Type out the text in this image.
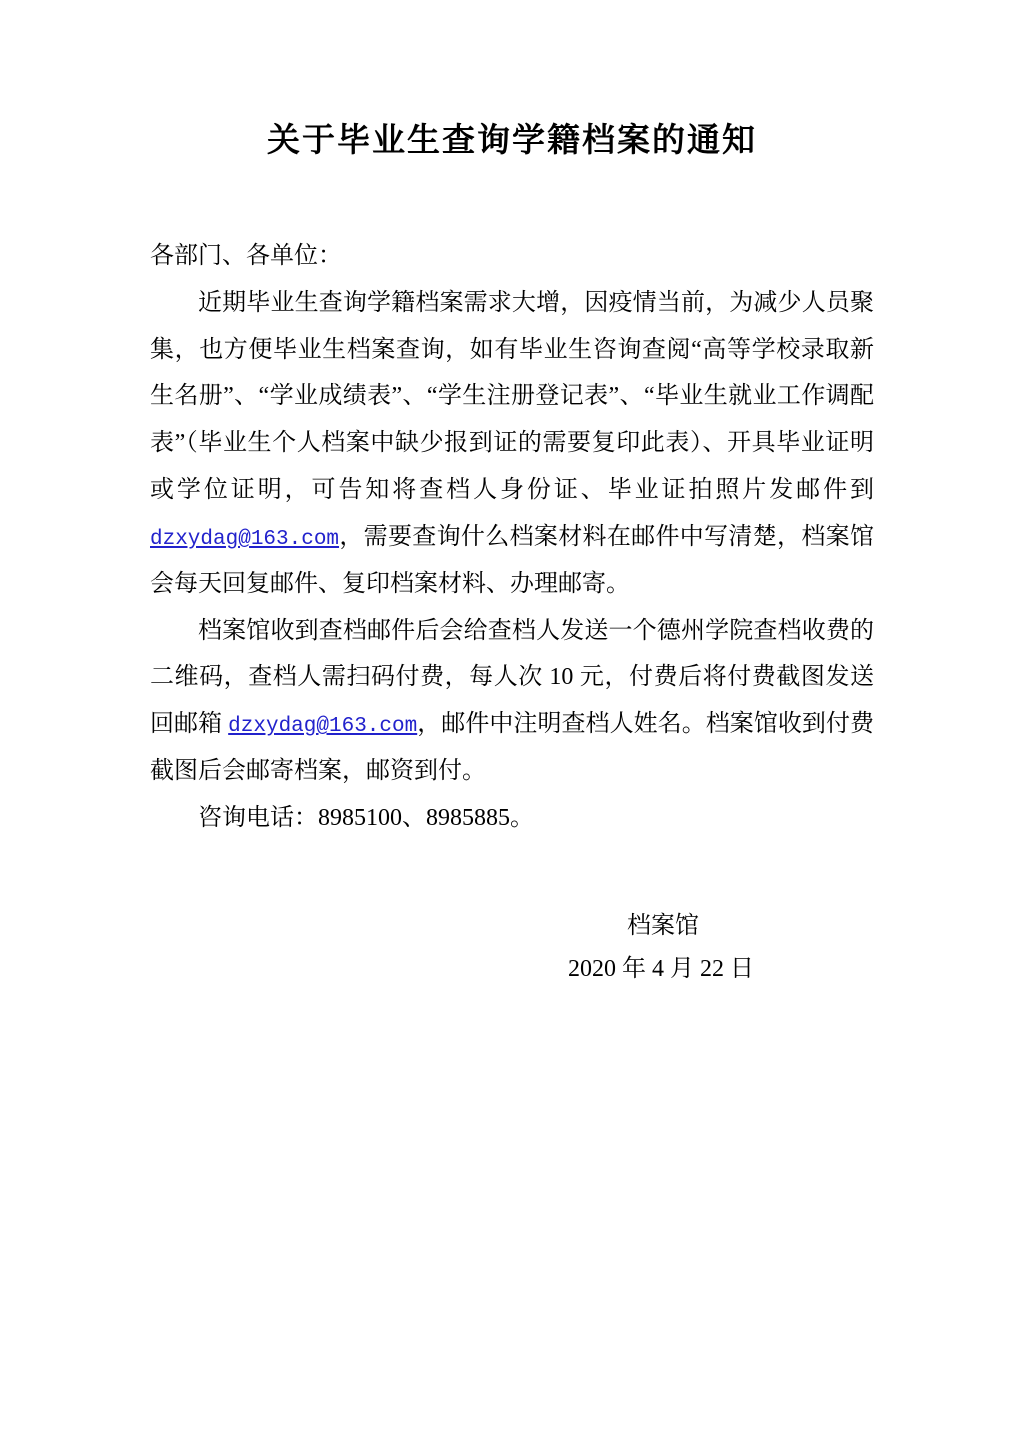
关于毕业生查询学籍档案的通知
各部门、各单位：

近期毕业生查询学籍档案需求大增，因疫情当前，为减少人员聚集，也方便毕业生档案查询，如有毕业生咨询查阅“高等学校录取新生名册”、“学业成绩表”、“学生注册登记表”、“毕业生就业工作调配表”（毕业生个人档案中缺少报到证的需要复印此表）、开具毕业证明或学位证明，可告知将查档人身份证、毕业证拍照片发邮件到 dzxydag@163.com，需要查询什么档案材料在邮件中写清楚，档案馆会每天回复邮件、复印档案材料、办理邮寄。

档案馆收到查档邮件后会给查档人发送一个德州学院查档收费的二维码，查档人需扫码付费，每人次 10 元，付费后将付费截图发送回邮箱 dzxydag@163.com，邮件中注明查档人姓名。档案馆收到付费截图后会邮寄档案，邮资到付。

咨询电话：8985100、8985885。

档案馆
2020 年 4 月 22 日
